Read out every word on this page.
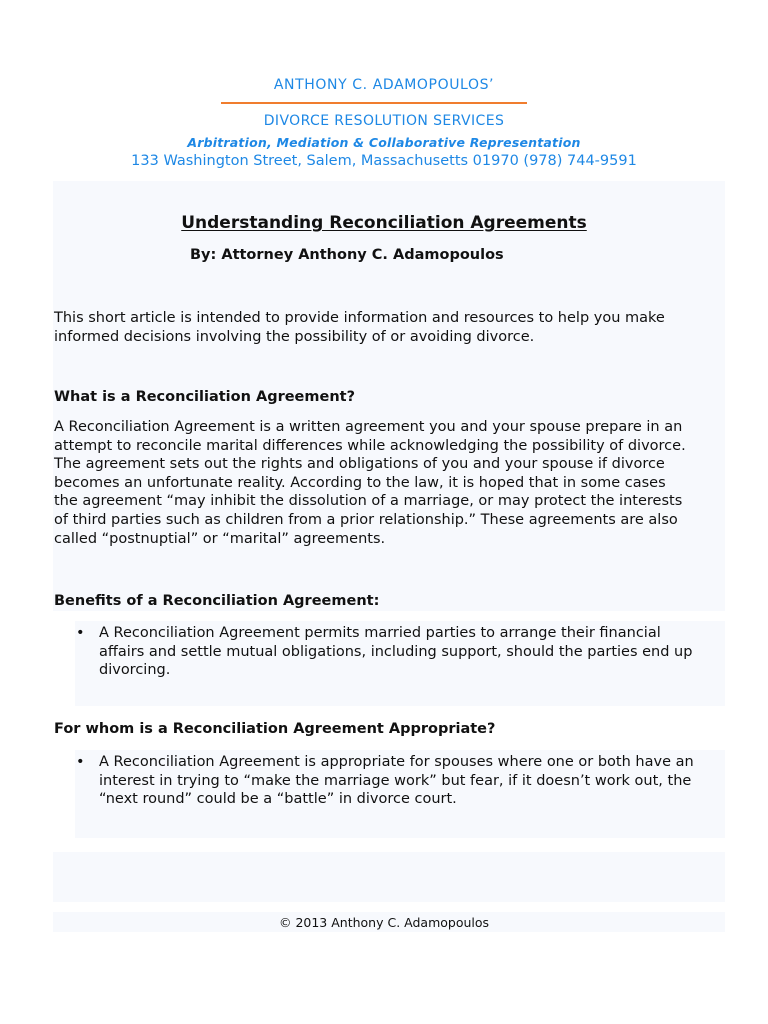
ANTHONY C. ADAMOPOULOS’
DIVORCE RESOLUTION SERVICES
Arbitration, Mediation & Collaborative Representation
133 Washington Street, Salem, Massachusetts 01970 (978) 744-9591
Understanding Reconciliation Agreements
By: Attorney Anthony C. Adamopoulos
This short article is intended to provide information and resources to help you make
informed decisions involving the possibility of or avoiding divorce.
What is a Reconciliation Agreement?
A Reconciliation Agreement is a written agreement you and your spouse prepare in an
attempt to reconcile marital differences while acknowledging the possibility of divorce.
The agreement sets out the rights and obligations of you and your spouse if divorce
becomes an unfortunate reality. According to the law, it is hoped that in some cases
the agreement “may inhibit the dissolution of a marriage, or may protect the interests
of third parties such as children from a prior relationship.” These agreements are also
called “postnuptial” or “marital” agreements.
Benefits of a Reconciliation Agreement:
• A Reconciliation Agreement permits married parties to arrange their financial
affairs and settle mutual obligations, including support, should the parties end up
divorcing.
For whom is a Reconciliation Agreement Appropriate?
• A Reconciliation Agreement is appropriate for spouses where one or both have an
interest in trying to “make the marriage work” but fear, if it doesn’t work out, the
“next round” could be a “battle” in divorce court.
© 2013 Anthony C. Adamopoulos
